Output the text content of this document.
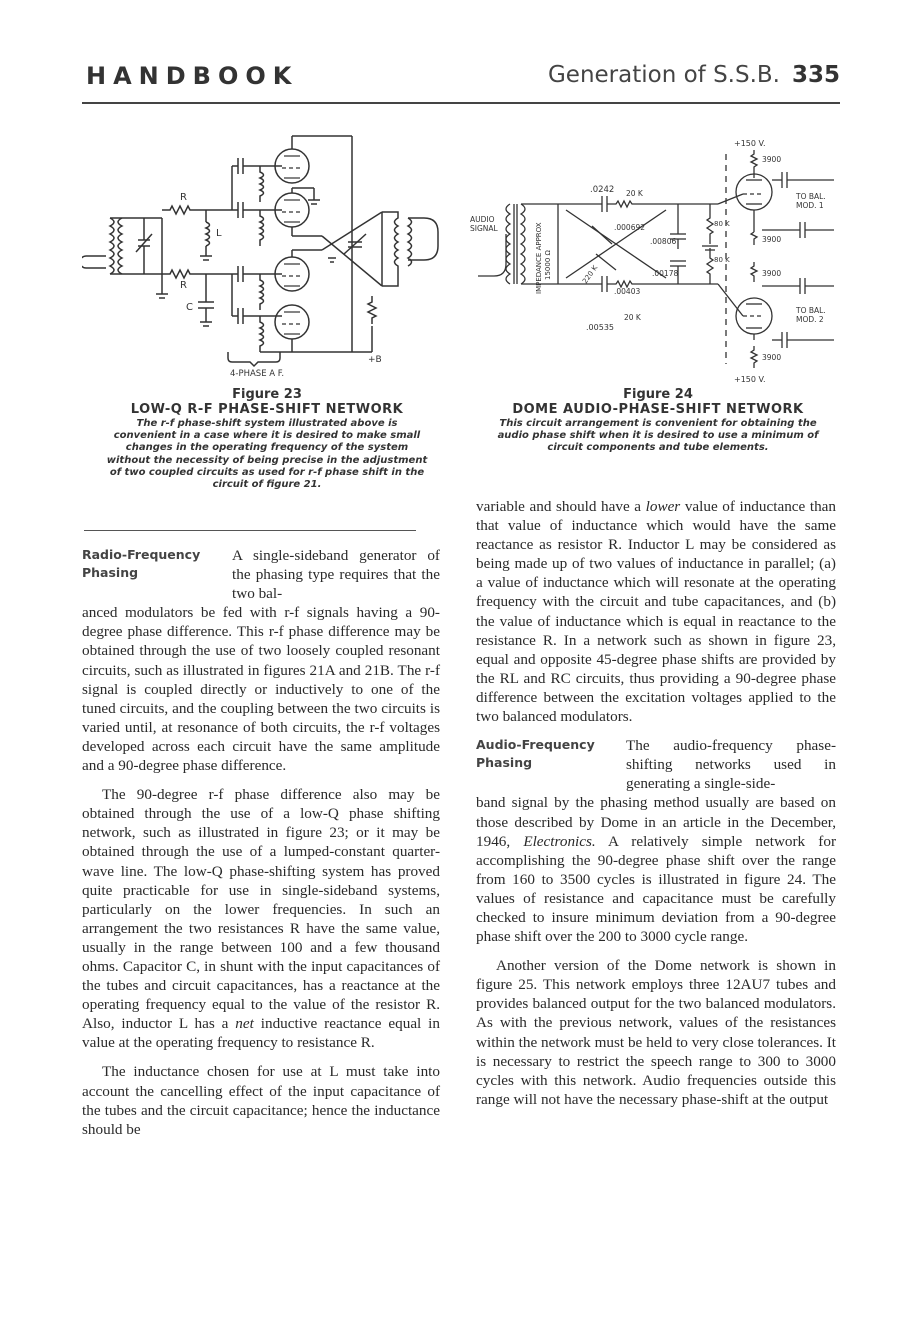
HANDBOOK	Generation of S.S.B. 335
R
L
R
C
+B
4-PHASE A F.
Figure 23
LOW-Q R-F PHASE-SHIFT NETWORK
The r-f phase-shift system illustrated above is convenient in a case where it is desired to make small changes in the operating frequency of the system without the necessity of being precise in the adjustment of two coupled circuits as used for r-f phase shift in the circuit of figure 21.
AUDIO
SIGNAL	IMPEDANCE APPROX 15000 Ω
.0242 20 K
.00535
20 K
.000692
.00806
220 K	.00178
.00403
80 K
80 K
+150 V.
3900
TO BAL.
MOD. 1
3900
3900
TO BAL.
MOD. 2
3900
+150 V.
Figure 24
DOME AUDIO-PHASE-SHIFT NETWORK
This circuit arrangement is convenient for obtaining the audio phase shift when it is desired to use a minimum of circuit components and tube elements.
Radio-Frequency
Phasing
A single-sideband generator of the phasing type requires that the two bal-

anced modulators be fed with r-f signals having a 90-degree phase difference. This r-f phase difference may be obtained through the use of two loosely coupled resonant circuits, such as illustrated in figures 21A and 21B. The r-f signal is coupled directly or inductively to one of the tuned circuits, and the coupling between the two circuits is varied until, at resonance of both circuits, the r-f voltages developed across each circuit have the same amplitude and a 90-degree phase difference.

The 90-degree r-f phase difference also may be obtained through the use of a low-Q phase shifting network, such as illustrated in figure 23; or it may be obtained through the use of a lumped-constant quarter-wave line. The low-Q phase-shifting system has proved quite practicable for use in single-sideband systems, particularly on the lower frequencies. In such an arrangement the two resistances R have the same value, usually in the range between 100 and a few thousand ohms. Capacitor C, in shunt with the input capacitances of the tubes and circuit capacitances, has a reactance at the operating frequency equal to the value of the resistor R. Also, inductor L has a net inductive reactance equal in value at the operating frequency to resistance R.

The inductance chosen for use at L must take into account the cancelling effect of the input capacitance of the tubes and the circuit capacitance; hence the inductance should be

variable and should have a lower value of inductance than that value of inductance which would have the same reactance as resistor R. Inductor L may be considered as being made up of two values of inductance in parallel; (a) a value of inductance which will resonate at the operating frequency with the circuit and tube capacitances, and (b) the value of inductance which is equal in reactance to the resistance R. In a network such as shown in figure 23, equal and opposite 45-degree phase shifts are provided by the RL and RC circuits, thus providing a 90-degree phase difference between the excitation voltages applied to the two balanced modulators.

Audio-Frequency
Phasing
The audio-frequency phase-shifting networks used in generating a single-side-

band signal by the phasing method usually are based on those described by Dome in an article in the December, 1946, Electronics. A relatively simple network for accomplishing the 90-degree phase shift over the range from 160 to 3500 cycles is illustrated in figure 24. The values of resistance and capacitance must be carefully checked to insure minimum deviation from a 90-degree phase shift over the 200 to 3000 cycle range.

Another version of the Dome network is shown in figure 25. This network employs three 12AU7 tubes and provides balanced output for the two balanced modulators. As with the previous network, values of the resistances within the network must be held to very close tolerances. It is necessary to restrict the speech range to 300 to 3000 cycles with this network. Audio frequencies outside this range will not have the necessary phase-shift at the output
